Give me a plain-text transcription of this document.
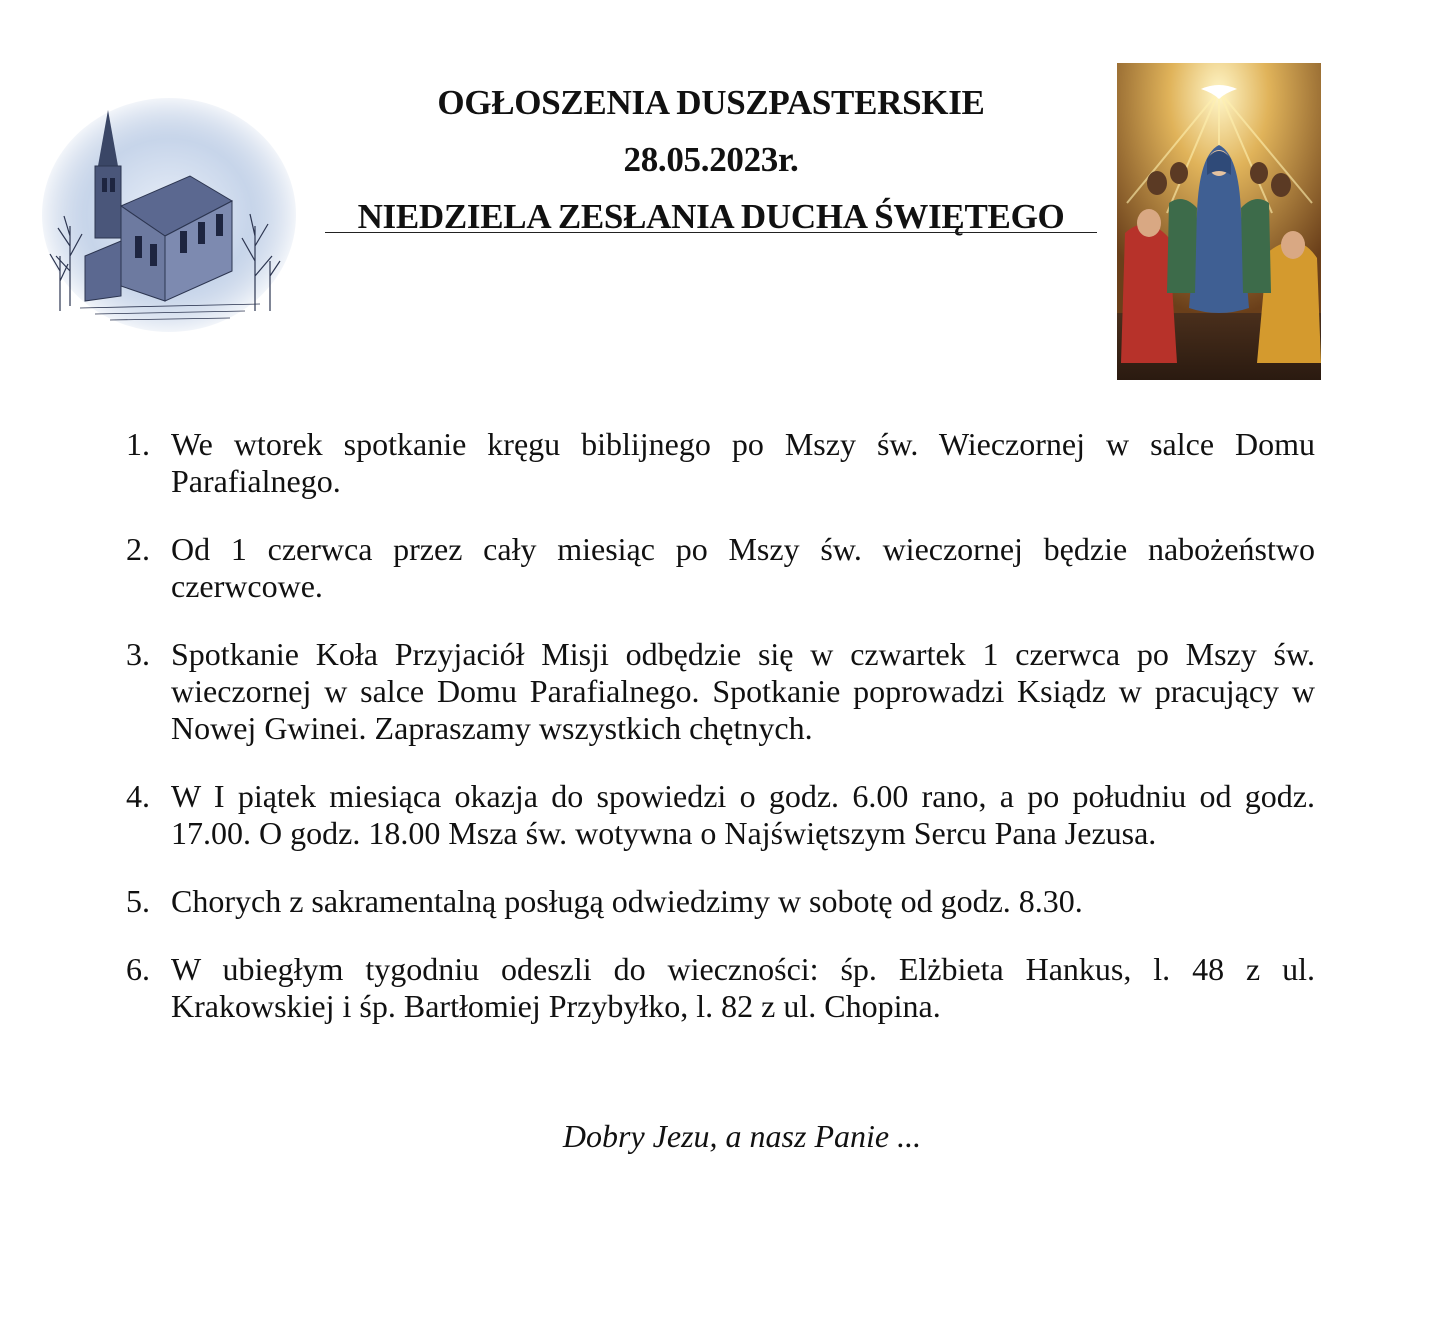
OGŁOSZENIA DUSZPASTERSKIE

28.05.2023r.

NIEDZIELA ZESŁANIA DUCHA ŚWIĘTEGO

1. We wtorek spotkanie kręgu biblijnego po Mszy św. Wieczornej w salce Domu Parafialnego.
2. Od 1 czerwca przez cały miesiąc po Mszy św. wieczornej będzie nabożeństwo czerwcowe.
3. Spotkanie Koła Przyjaciół Misji odbędzie się w czwartek 1 czerwca po Mszy św. wieczornej w salce Domu Parafialnego. Spotkanie poprowadzi Ksiądz w pracujący w Nowej Gwinei. Zapraszamy wszystkich chętnych.
4. W I piątek miesiąca okazja do spowiedzi o godz. 6.00 rano, a po południu od godz. 17.00. O godz. 18.00 Msza św. wotywna o Najświętszym Sercu Pana Jezusa.
5. Chorych z sakramentalną posługą odwiedzimy w sobotę od godz. 8.30.
6. W ubiegłym tygodniu odeszli do wieczności: śp. Elżbieta Hankus, l. 48 z ul. Krakowskiej i śp. Bartłomiej Przybyłko, l. 82 z ul. Chopina.
Dobry Jezu, a nasz Panie ...
